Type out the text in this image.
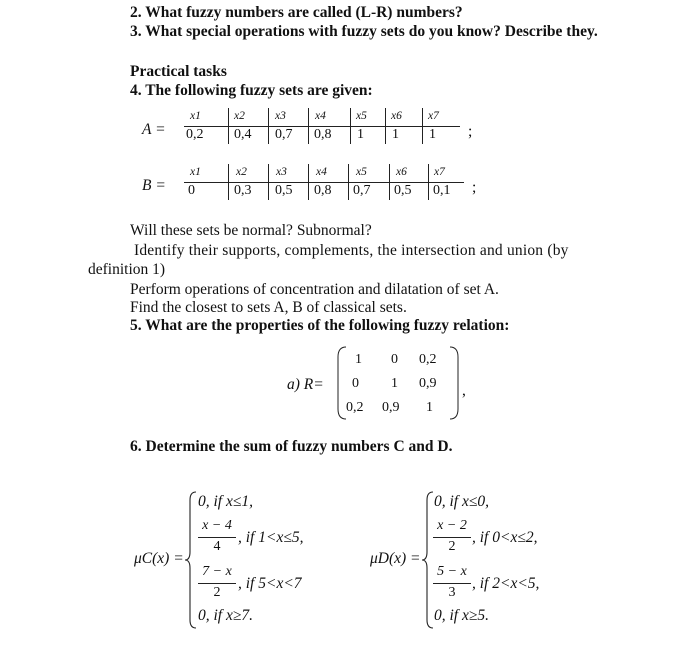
2. What fuzzy numbers are called (L-R) numbers?
3. What special operations with fuzzy sets do you know? Describe they.
Practical tasks
4. The following fuzzy sets are given:
A =
x1	x2	x3	x4	x5 x6 x7
0,2 0,4 0,7 0,8 1 1 1 ;
B =
x1	x2	x3	x4	x5	x6 x7
0	0,3 0,5 0,8 0,7 0,5 0,1 ;
Will these sets be normal? Subnormal?
Identify their supports, complements, the intersection and union (by
definition 1)
Perform operations of concentration and dilatation of set A.
Find the closest to sets A, B of classical sets.
5. What are the properties of the following fuzzy relation:
a) R=
1 0 0,2
0 1 0,9
0,2 0,9 1
,
6. Determine the sum of fuzzy numbers C and D.
μC(x) =
0, if x≤1,
x − 4
4
, if 1<x≤5,
7 − x
2
, if 5<x<7
0, if x≥7.
μD(x) =
0, if x≤0,
x − 2
2
, if 0<x≤2,
5 − x
3
, if 2<x<5,
0, if x≥5.
